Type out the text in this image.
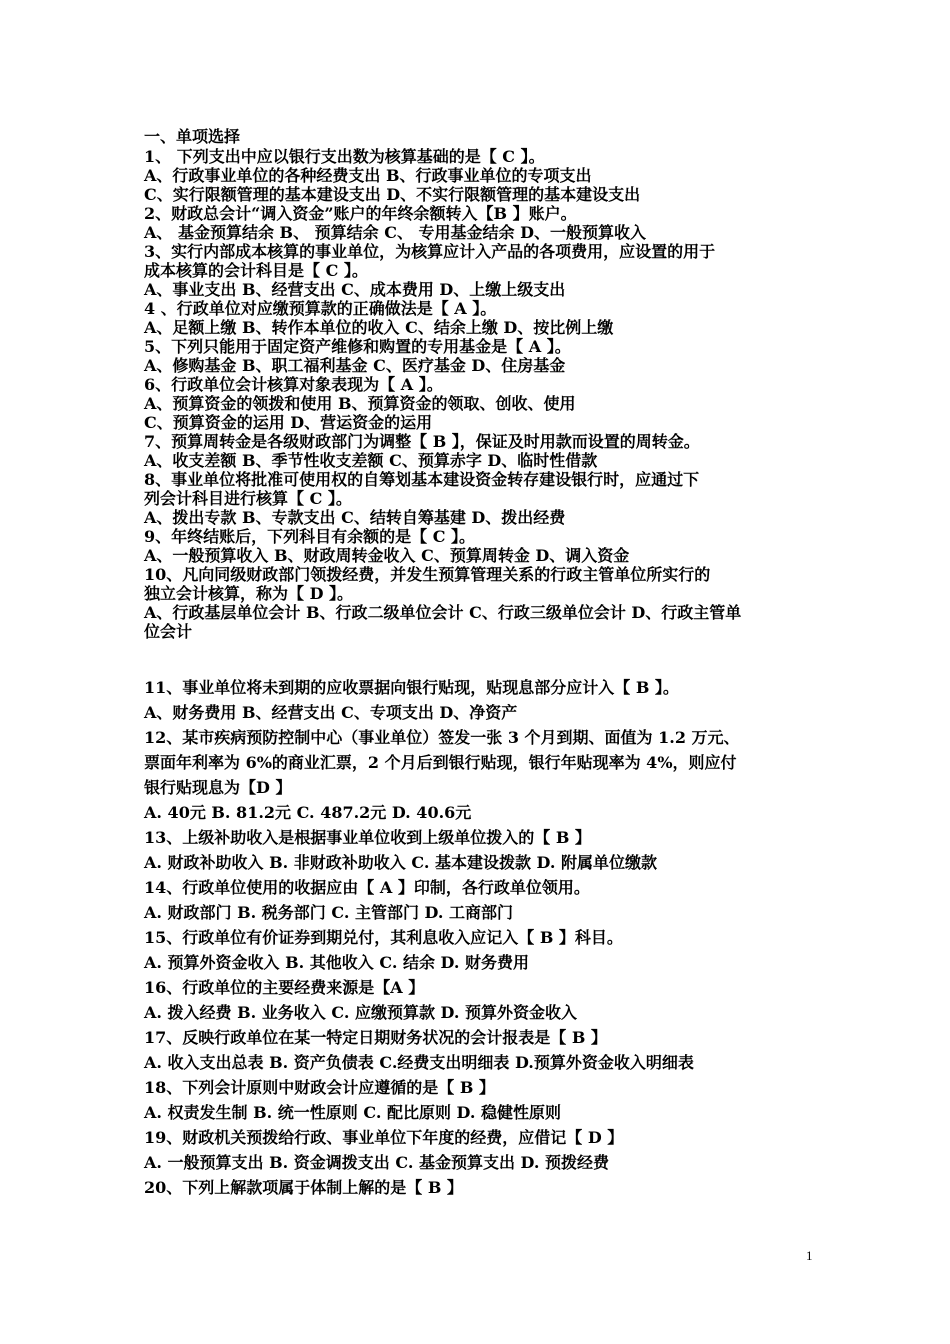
一、单项选择
1、 下列支出中应以银行支出数为核算基础的是【 C 】。
A、行政事业单位的各种经费支出 B、行政事业单位的专项支出
C、实行限额管理的基本建设支出 D、不实行限额管理的基本建设支出
2、财政总会计“调入资金”账户的年终余额转入【B 】账户。
A、 基金预算结余 B、 预算结余 C、 专用基金结余 D、一般预算收入
3、实行内部成本核算的事业单位，为核算应计入产品的各项费用，应设置的用于
成本核算的会计科目是【 C 】。
A、事业支出 B、经营支出 C、成本费用 D、上缴上级支出
4 、行政单位对应缴预算款的正确做法是【 A 】。
A、足额上缴 B、转作本单位的收入 C、结余上缴 D、按比例上缴
5、下列只能用于固定资产维修和购置的专用基金是【 A 】。
A、修购基金 B、职工福利基金 C、医疗基金 D、住房基金
6、行政单位会计核算对象表现为【 A 】。
A、预算资金的领拨和使用 B、预算资金的领取、创收、使用
C、预算资金的运用 D、营运资金的运用
7、预算周转金是各级财政部门为调整【 B 】，保证及时用款而设置的周转金。
A、收支差额 B、季节性收支差额 C、预算赤字 D、临时性借款
8、事业单位将批准可使用权的自筹划基本建设资金转存建设银行时，应通过下
列会计科目进行核算【 C 】。
A、拨出专款 B、专款支出 C、结转自筹基建 D、拨出经费
9、年终结账后，下列科目有余额的是【 C 】。
A、一般预算收入 B、财政周转金收入 C、预算周转金 D、调入资金
10、凡向同级财政部门领拨经费，并发生预算管理关系的行政主管单位所实行的
独立会计核算，称为【 D 】。
A、行政基层单位会计 B、行政二级单位会计 C、行政三级单位会计 D、行政主管单
位会计
11、事业单位将未到期的应收票据向银行贴现，贴现息部分应计入【 B 】。
A、财务费用 B、经营支出 C、专项支出 D、净资产
12、某市疾病预防控制中心（事业单位）签发一张 3 个月到期、面值为 1.2 万元、
票面年利率为 6%的商业汇票，2 个月后到银行贴现，银行年贴现率为 4%，则应付
银行贴现息为【D 】
A. 40元 B. 81.2元 C. 487.2元 D. 40.6元
13、上级补助收入是根据事业单位收到上级单位拨入的【 B 】
A. 财政补助收入 B. 非财政补助收入 C. 基本建设拨款 D. 附属单位缴款
14、行政单位使用的收据应由【 A 】印制，各行政单位领用。
A. 财政部门 B. 税务部门 C. 主管部门 D. 工商部门
15、行政单位有价证券到期兑付，其利息收入应记入【 B 】科目。
A. 预算外资金收入 B. 其他收入 C. 结余 D. 财务费用
16、行政单位的主要经费来源是【A 】
A. 拨入经费 B. 业务收入 C. 应缴预算款 D. 预算外资金收入
17、反映行政单位在某一特定日期财务状况的会计报表是【 B 】
A. 收入支出总表 B. 资产负债表 C.经费支出明细表 D.预算外资金收入明细表
18、下列会计原则中财政会计应遵循的是【 B 】
A. 权责发生制 B. 统一性原则 C. 配比原则 D. 稳健性原则
19、财政机关预拨给行政、事业单位下年度的经费，应借记【 D 】
A. 一般预算支出 B. 资金调拨支出 C. 基金预算支出 D. 预拨经费
20、下列上解款项属于体制上解的是【 B 】
1
